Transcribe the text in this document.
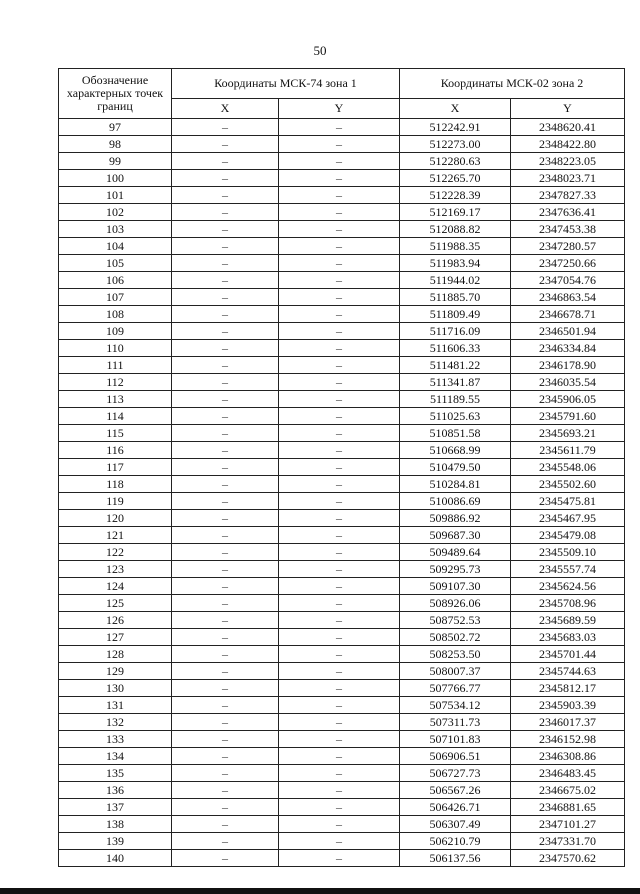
50
Обозначение характерных точек границ	Координаты МСК-74 зона 1		Координаты МСК-02 зона 2	
	X	Y	X	Y
97	–	–	512242.91	2348620.41
98	–	–	512273.00	2348422.80
99	–	–	512280.63	2348223.05
100	–	–	512265.70	2348023.71
101	–	–	512228.39	2347827.33
102	–	–	512169.17	2347636.41
103	–	–	512088.82	2347453.38
104	–	–	511988.35	2347280.57
105	–	–	511983.94	2347250.66
106	–	–	511944.02	2347054.76
107	–	–	511885.70	2346863.54
108	–	–	511809.49	2346678.71
109	–	–	511716.09	2346501.94
110	–	–	511606.33	2346334.84
111	–	–	511481.22	2346178.90
112	–	–	511341.87	2346035.54
113	–	–	511189.55	2345906.05
114	–	–	511025.63	2345791.60
115	–	–	510851.58	2345693.21
116	–	–	510668.99	2345611.79
117	–	–	510479.50	2345548.06
118	–	–	510284.81	2345502.60
119	–	–	510086.69	2345475.81
120	–	–	509886.92	2345467.95
121	–	–	509687.30	2345479.08
122	–	–	509489.64	2345509.10
123	–	–	509295.73	2345557.74
124	–	–	509107.30	2345624.56
125	–	–	508926.06	2345708.96
126	–	–	508752.53	2345689.59
127	–	–	508502.72	2345683.03
128	–	–	508253.50	2345701.44
129	–	–	508007.37	2345744.63
130	–	–	507766.77	2345812.17
131	–	–	507534.12	2345903.39
132	–	–	507311.73	2346017.37
133	–	–	507101.83	2346152.98
134	–	–	506906.51	2346308.86
135	–	–	506727.73	2346483.45
136	–	–	506567.26	2346675.02
137	–	–	506426.71	2346881.65
138	–	–	506307.49	2347101.27
139	–	–	506210.79	2347331.70
140	–	–	506137.56	2347570.62
